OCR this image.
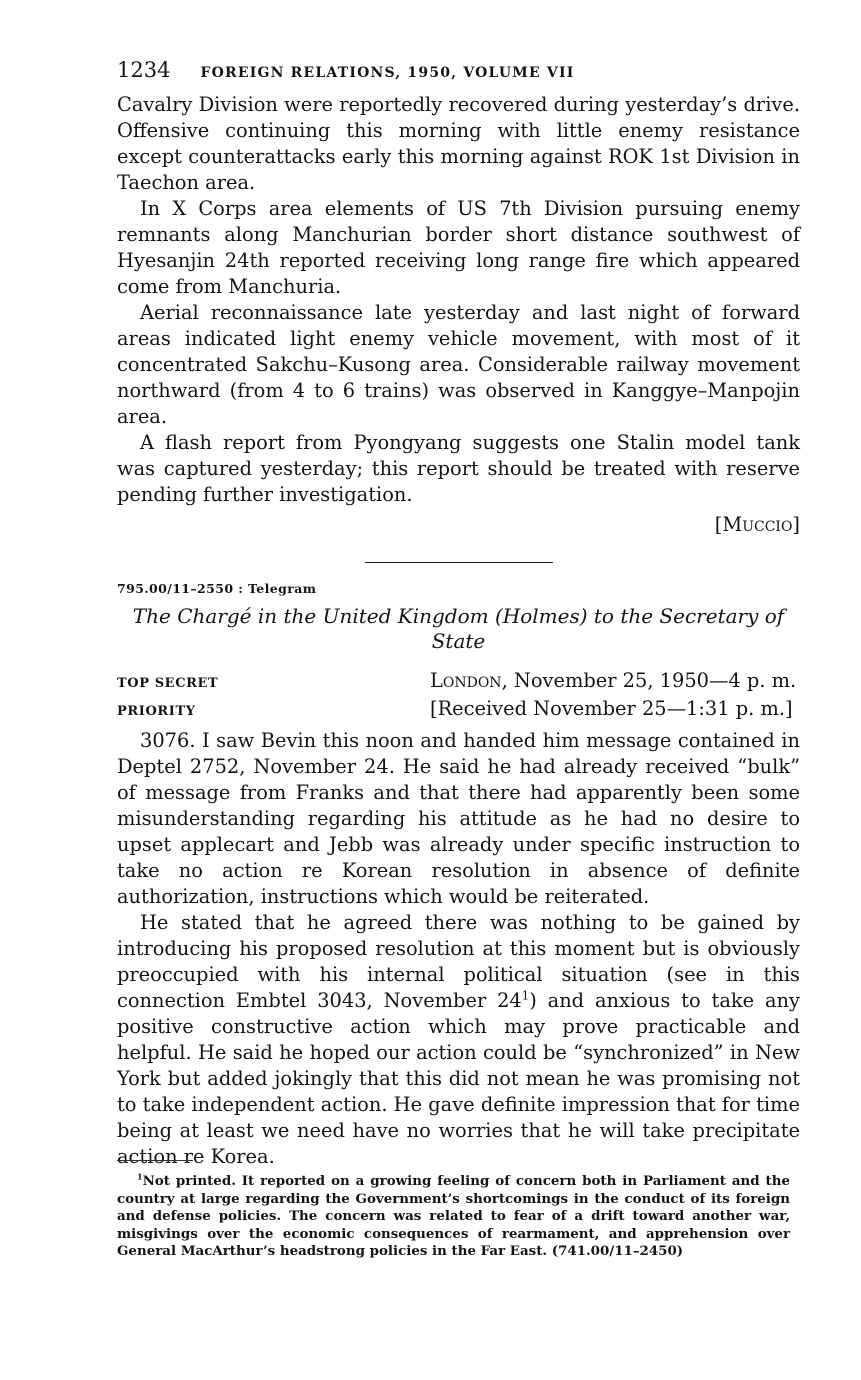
1234 FOREIGN RELATIONS, 1950, VOLUME VII

Cavalry Division were reportedly recovered during yesterday’s drive. Offensive continuing this morning with little enemy resistance except counterattacks early this morning against ROK 1st Division in Taechon area.

In X Corps area elements of US 7th Division pursuing enemy remnants along Manchurian border short distance southwest of Hyesanjin 24th reported receiving long range fire which appeared come from Manchuria.

Aerial reconnaissance late yesterday and last night of forward areas indicated light enemy vehicle movement, with most of it concentrated Sakchu–Kusong area. Considerable railway movement northward (from 4 to 6 trains) was observed in Kanggye–Manpojin area.

A flash report from Pyongyang suggests one Stalin model tank was captured yesterday; this report should be treated with reserve pending further investigation.

[Muccio]
795.00/11–2550 : Telegram

The Chargé in the United Kingdom (Holmes) to the Secretary of State

TOP SECRET	London, November 25, 1950—4 p. m.
PRIORITY	[Received November 25—1:31 p. m.]

3076. I saw Bevin this noon and handed him message contained in Deptel 2752, November 24. He said he had already received “bulk” of message from Franks and that there had apparently been some misunderstanding regarding his attitude as he had no desire to upset applecart and Jebb was already under specific instruction to take no action re Korean resolution in absence of definite authorization, instructions which would be reiterated.

He stated that he agreed there was nothing to be gained by introducing his proposed resolution at this moment but is obviously preoccupied with his internal political situation (see in this connection Embtel 3043, November $24^1$) and anxious to take any positive constructive action which may prove practicable and helpful. He said he hoped our action could be “synchronized” in New York but added jokingly that this did not mean he was promising not to take independent action. He gave definite impression that for time being at least we need have no worries that he will take precipitate action re Korea.

$^1$Not printed. It reported on a growing feeling of concern both in Parliament and the country at large regarding the Government’s shortcomings in the conduct of its foreign and defense policies. The concern was related to fear of a drift toward another war, misgivings over the economic consequences of rearmament, and apprehension over General MacArthur’s headstrong policies in the Far East. (741.00/11–2450)
